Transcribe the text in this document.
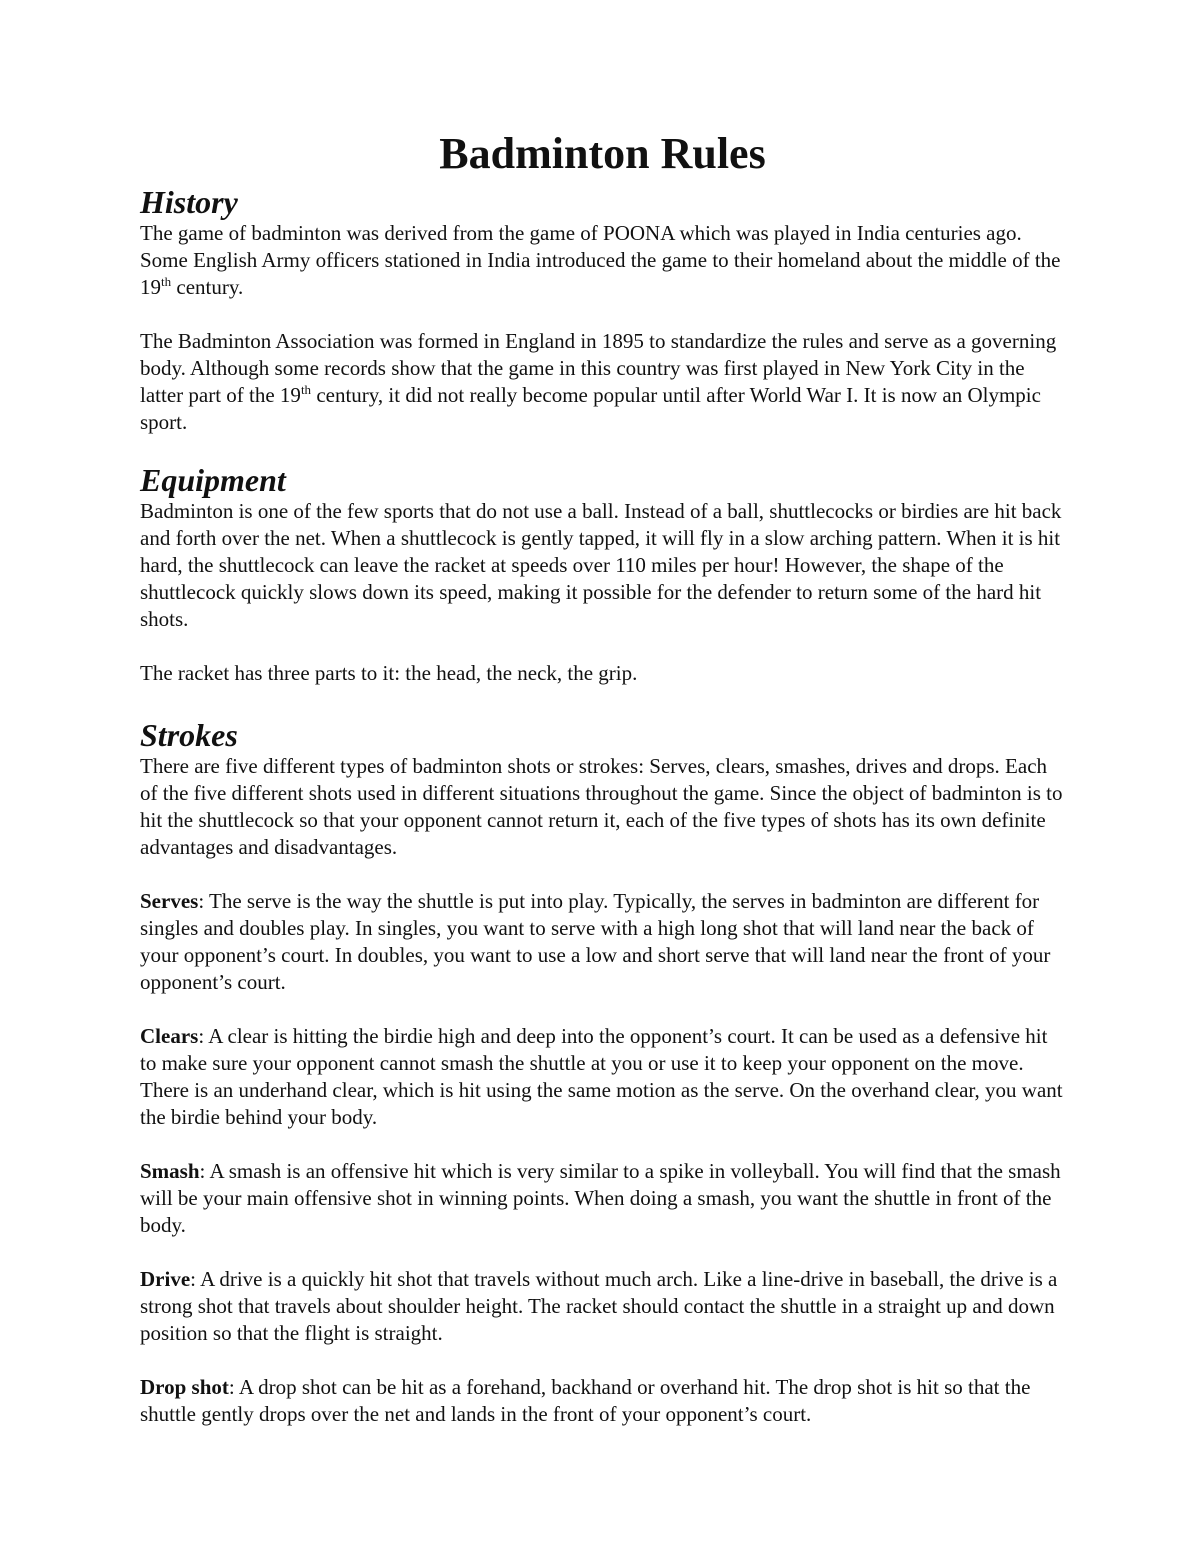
Badminton Rules
History

The game of badminton was derived from the game of POONA which was played in India centuries ago. Some English Army officers stationed in India introduced the game to their homeland about the middle of the 19th century.

The Badminton Association was formed in England in 1895 to standardize the rules and serve as a governing body. Although some records show that the game in this country was first played in New York City in the latter part of the 19th century, it did not really become popular until after World War I. It is now an Olympic sport.

Equipment

Badminton is one of the few sports that do not use a ball. Instead of a ball, shuttlecocks or birdies are hit back and forth over the net. When a shuttlecock is gently tapped, it will fly in a slow arching pattern. When it is hit hard, the shuttlecock can leave the racket at speeds over 110 miles per hour! However, the shape of the shuttlecock quickly slows down its speed, making it possible for the defender to return some of the hard hit shots.

The racket has three parts to it: the head, the neck, the grip.

Strokes

There are five different types of badminton shots or strokes: Serves, clears, smashes, drives and drops. Each of the five different shots used in different situations throughout the game. Since the object of badminton is to hit the shuttlecock so that your opponent cannot return it, each of the five types of shots has its own definite advantages and disadvantages.

Serves: The serve is the way the shuttle is put into play. Typically, the serves in badminton are different for singles and doubles play. In singles, you want to serve with a high long shot that will land near the back of your opponent’s court. In doubles, you want to use a low and short serve that will land near the front of your opponent’s court.

Clears: A clear is hitting the birdie high and deep into the opponent’s court. It can be used as a defensive hit to make sure your opponent cannot smash the shuttle at you or use it to keep your opponent on the move. There is an underhand clear, which is hit using the same motion as the serve. On the overhand clear, you want the birdie behind your body.

Smash: A smash is an offensive hit which is very similar to a spike in volleyball. You will find that the smash will be your main offensive shot in winning points. When doing a smash, you want the shuttle in front of the body.

Drive: A drive is a quickly hit shot that travels without much arch. Like a line-drive in baseball, the drive is a strong shot that travels about shoulder height. The racket should contact the shuttle in a straight up and down position so that the flight is straight.

Drop shot: A drop shot can be hit as a forehand, backhand or overhand hit. The drop shot is hit so that the shuttle gently drops over the net and lands in the front of your opponent’s court.
